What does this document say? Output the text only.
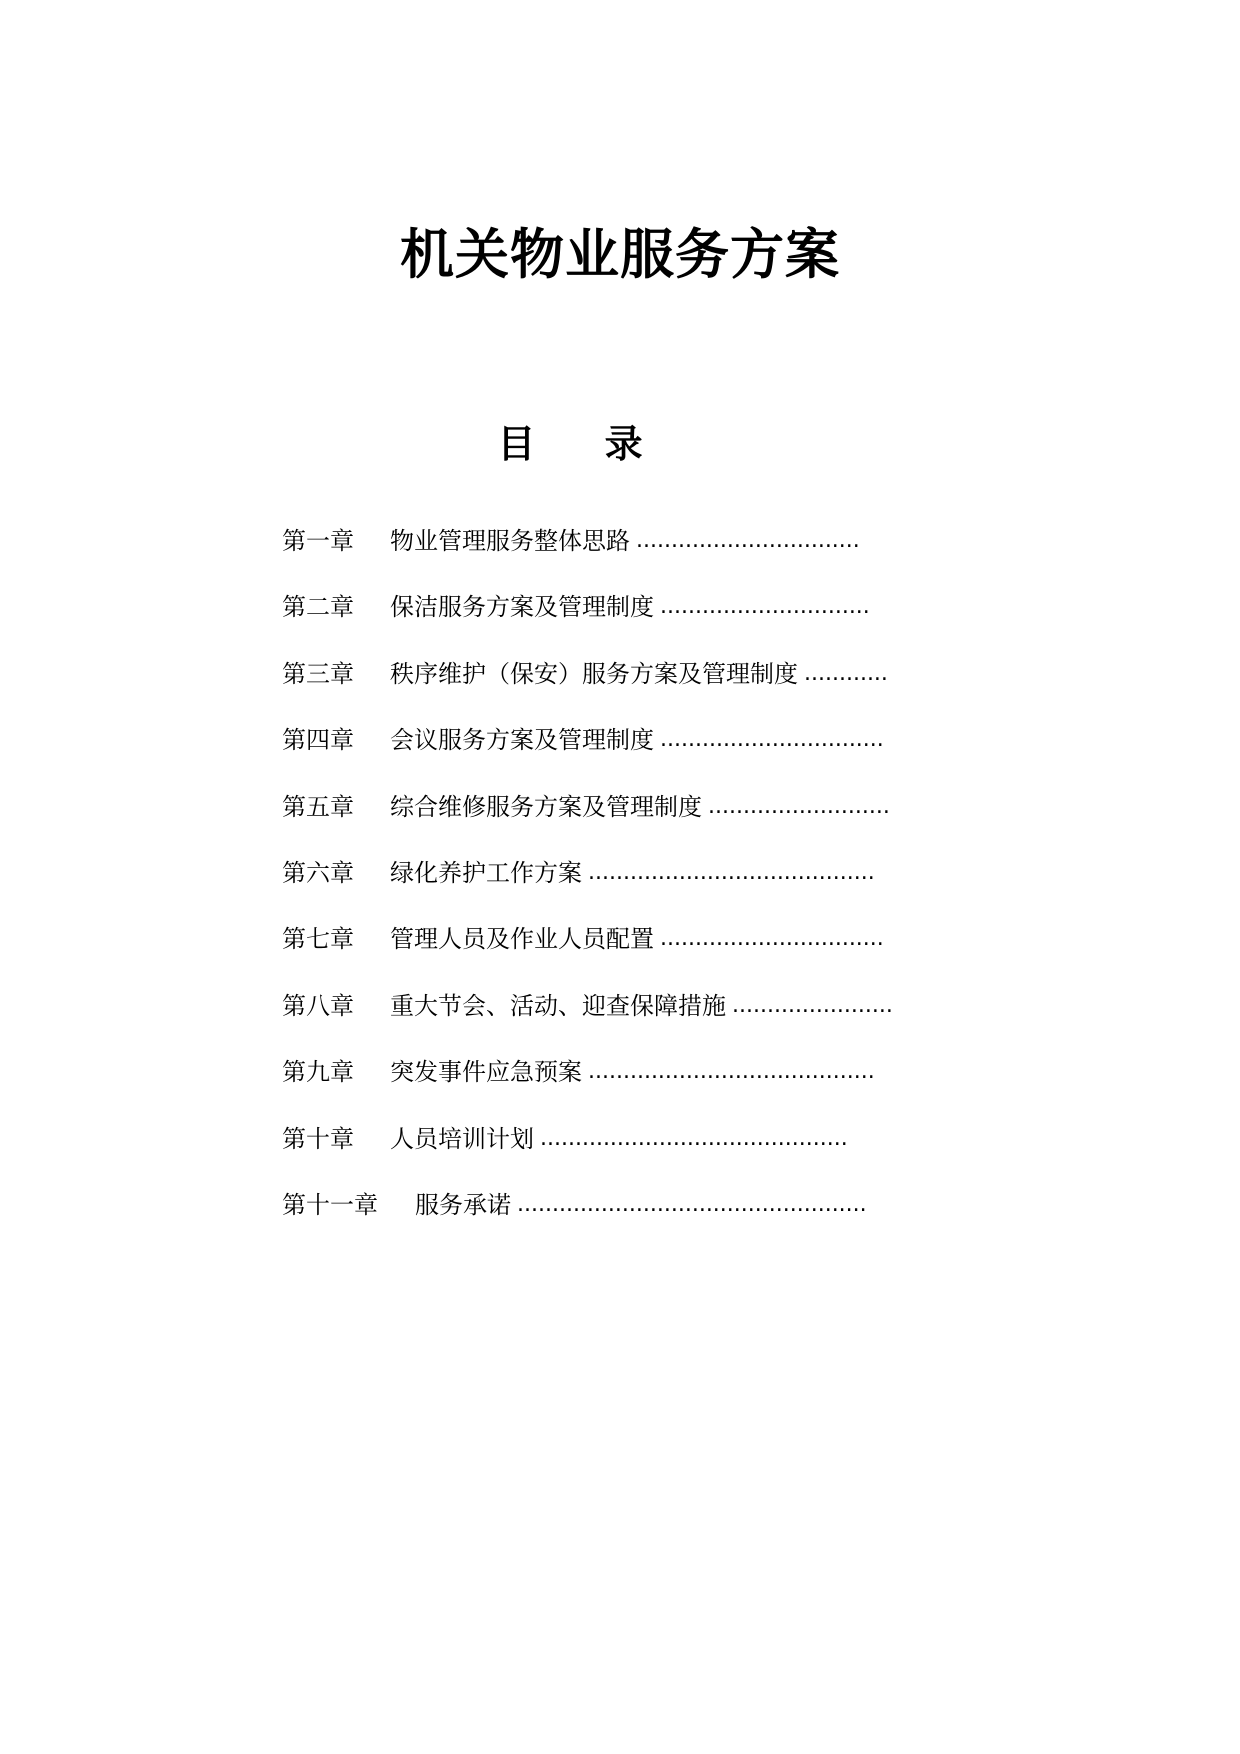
机关物业服务方案
目 录
第一章	物业管理服务整体思路 ................................
第二章	保洁服务方案及管理制度 ..............................
第三章	秩序维护（保安）服务方案及管理制度 ............
第四章	会议服务方案及管理制度 ................................
第五章	综合维修服务方案及管理制度 ..........................
第六章	绿化养护工作方案 .........................................
第七章	管理人员及作业人员配置 ................................
第八章	重大节会、活动、迎查保障措施 .......................
第九章	突发事件应急预案 .........................................
第十章	人员培训计划 ............................................
第十一章	服务承诺 ..................................................
